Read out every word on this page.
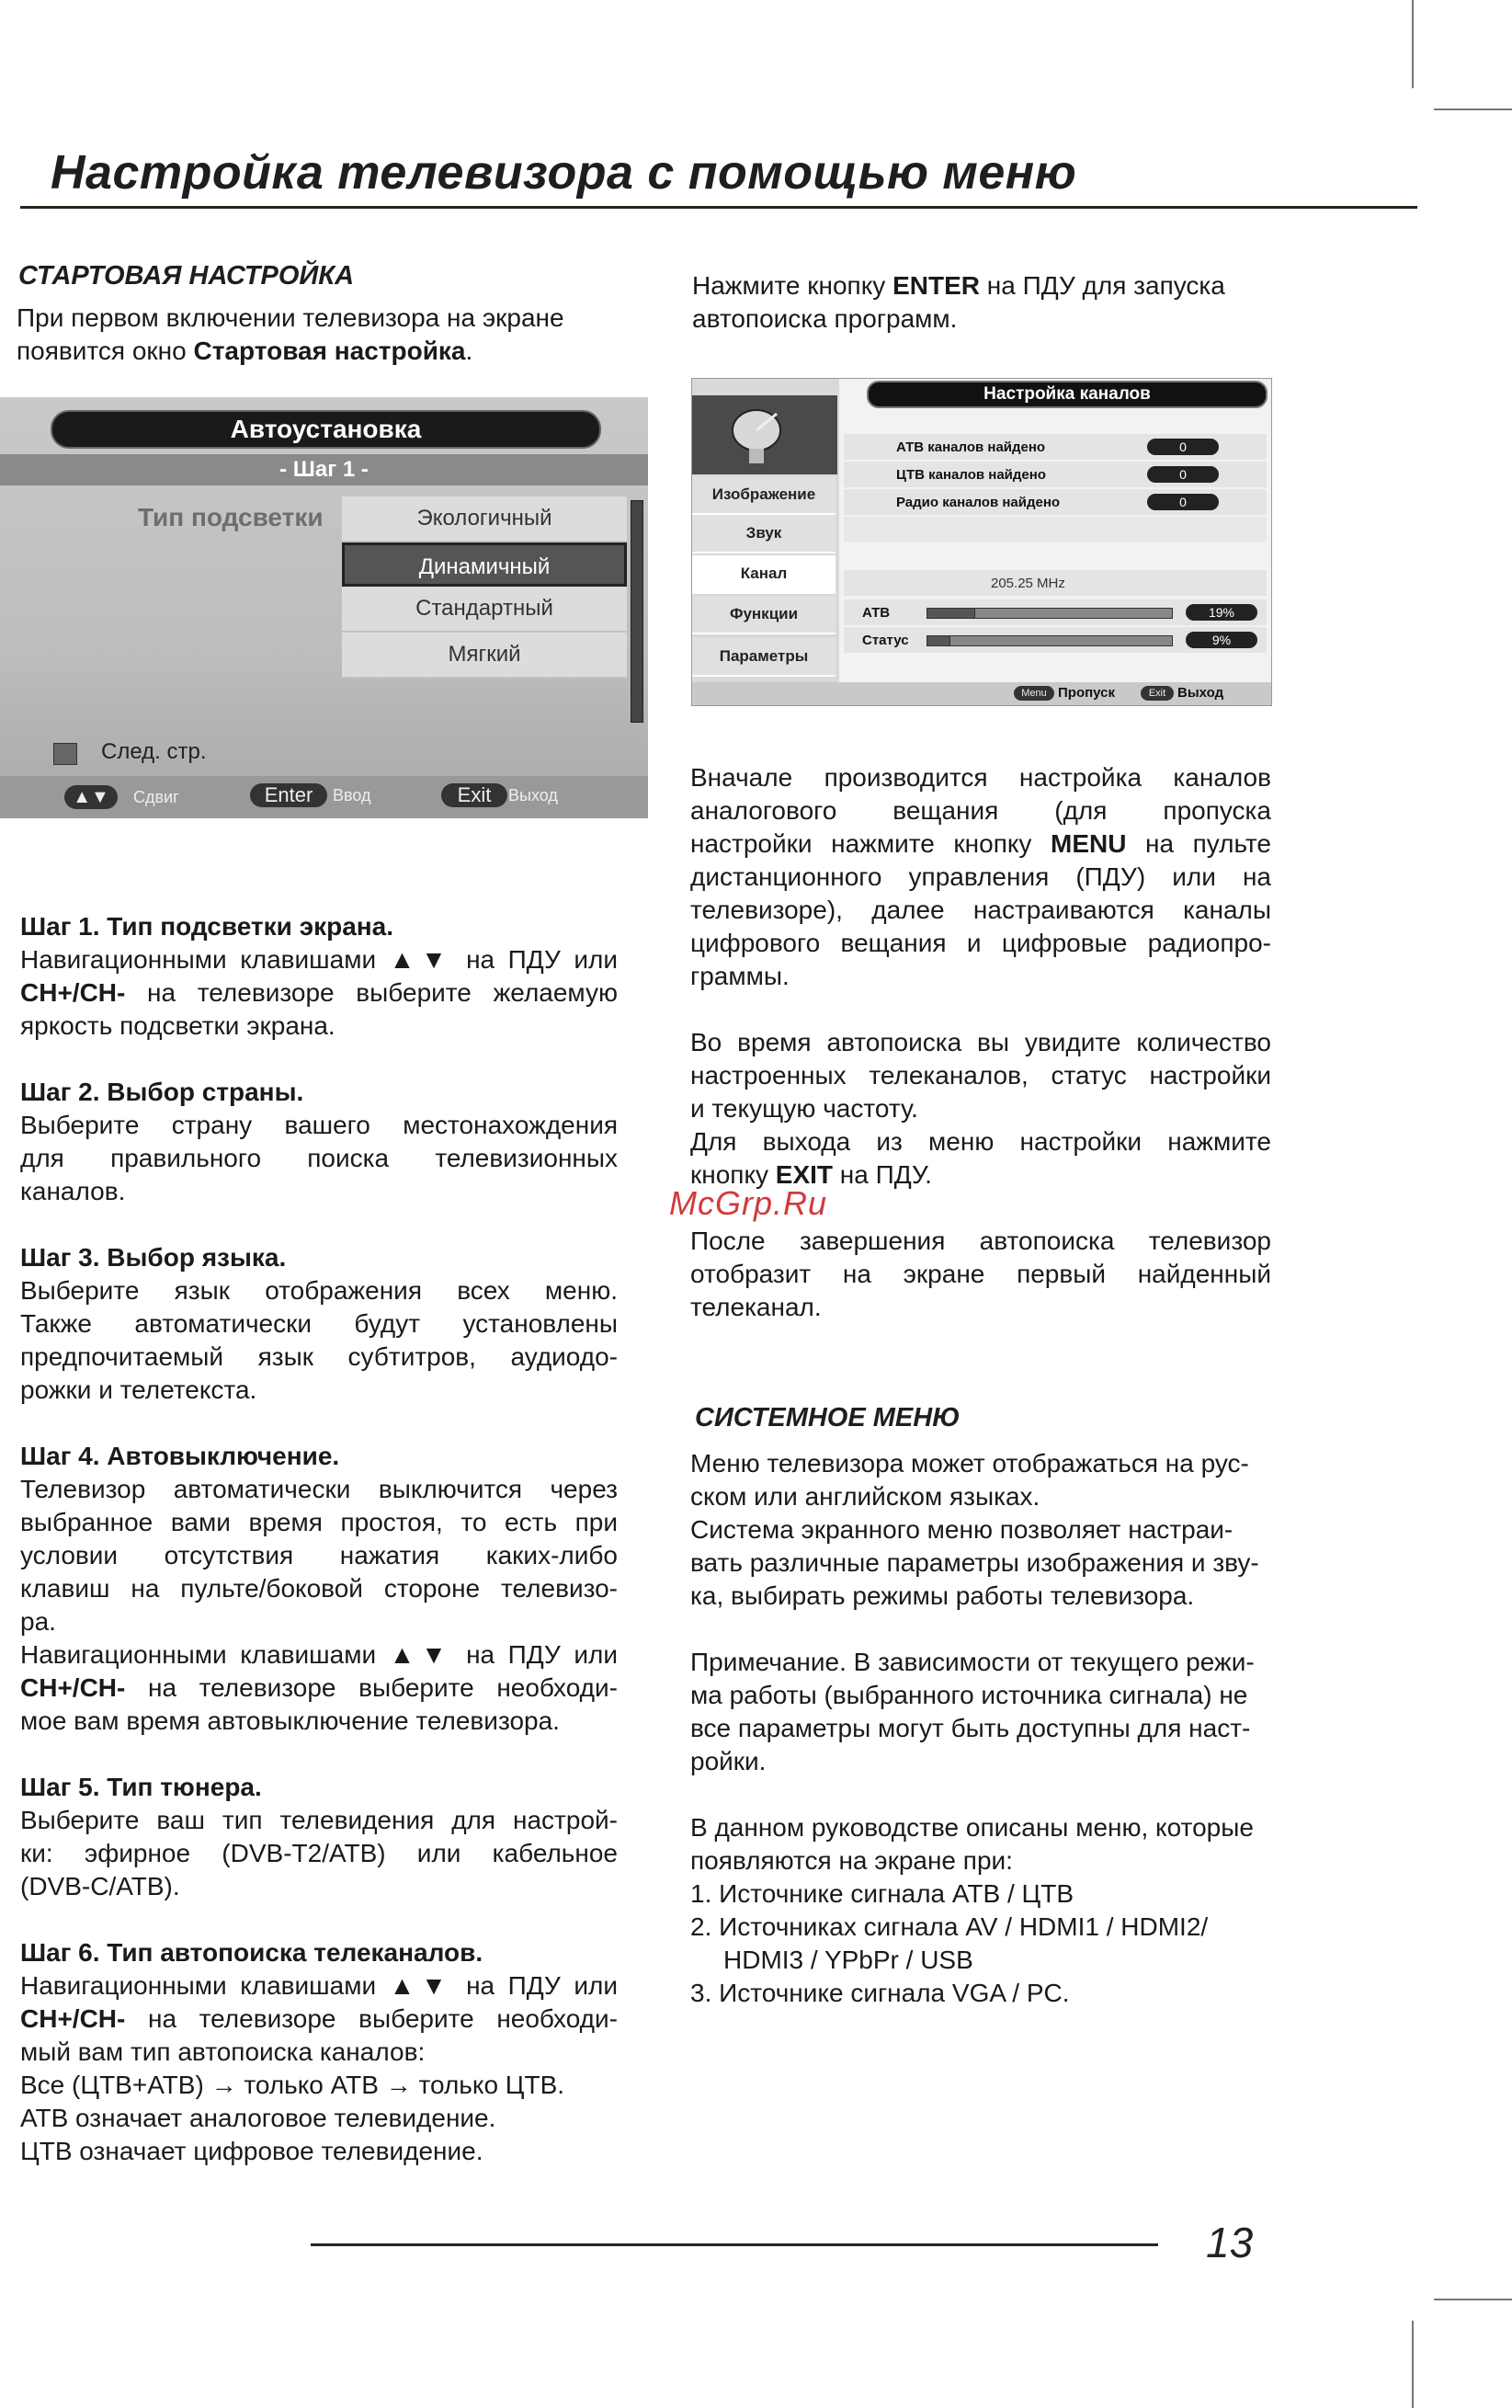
Настройка телевизора с помощью меню
СТАРТОВАЯ НАСТРОЙКА
При первом включении телевизора на экране
появится окно Стартовая настройка.
Автоустановка
- Шаг 1 -
Тип подсветки	Экологичный
Динамичный
Стандартный
Мягкий
След. стр.
▲▼	Сдвиг	Enter	Ввод	Exit	Выход
Шаг 1. Тип подсветки экрана.
Навигационными клавишами ▲▼ на ПДУ или
CH+/CH- на телевизоре выберите желаемую
яркость подсветки экрана.
Шаг 2. Выбор страны.
Выберите страну вашего местонахождения
для правильного поиска телевизионных
каналов.
Шаг 3. Выбор языка.
Выберите язык отображения всех меню.
Также автоматически будут установлены
предпочитаемый язык субтитров, аудиодо-
рожки и телетекста.
Шаг 4. Автовыключение.
Телевизор автоматически выключится через
выбранное вами время простоя, то есть при
условии отсутствия нажатия каких-либо
клавиш на пульте/боковой стороне телевизо-
ра.
Навигационными клавишами ▲▼ на ПДУ или
CH+/CH- на телевизоре выберите необходи-
мое вам время автовыключение телевизора.
Шаг 5. Тип тюнера.
Выберите ваш тип телевидения для настрой-
ки: эфирное (DVB-T2/АТВ) или кабельное
(DVB-C/АТВ).
Шаг 6. Тип автопоиска телеканалов.
Навигационными клавишами ▲▼ на ПДУ или
CH+/CH- на телевизоре выберите необходи-
мый вам тип автопоиска каналов:
Все (ЦТВ+АТВ) → только АТВ → только ЦТВ.
АТВ означает аналоговое телевидение.
ЦТВ означает цифровое телевидение.
Нажмите кнопку ENTER на ПДУ для запуска
автопоиска программ.
Изображение
Звук
Канал
Функции
Параметры
Настройка каналов
АТВ каналов найдено	0
ЦТВ каналов найдено	0
Радио каналов найдено	0
205.25 MHz
АТВ	19%
Статус	9%
Menu Пропуск	Exit Выход
Вначале производится настройка каналов
аналогового вещания (для пропуска
настройки нажмите кнопку MENU на пульте
дистанционного управления (ПДУ) или на
телевизоре), далее настраиваются каналы
цифрового вещания и цифровые радиопро-
граммы.
Во время автопоиска вы увидите количество
настроенных телеканалов, статус настройки
и текущую частоту.
Для выхода из меню настройки нажмите
кнопку EXIT на ПДУ.
После завершения автопоиска телевизор
отобразит на экране первый найденный
телеканал.
СИСТЕМНОЕ МЕНЮ
Меню телевизора может отображаться на рус-
ском или английском языках.
Система экранного меню позволяет настраи-
вать различные параметры изображения и зву-
ка, выбирать режимы работы телевизора.
Примечание. В зависимости от текущего режи-
ма работы (выбранного источника сигнала) не
все параметры могут быть доступны для наст-
ройки.
В данном руководстве описаны меню, которые
появляются на экране при:
1. Источнике сигнала АТВ / ЦТВ
2. Источниках сигнала AV / HDMI1 / HDMI2/
HDMI3 / YPbPr / USB
3. Источнике сигнала VGA / PC.
McGrp.Ru
13
